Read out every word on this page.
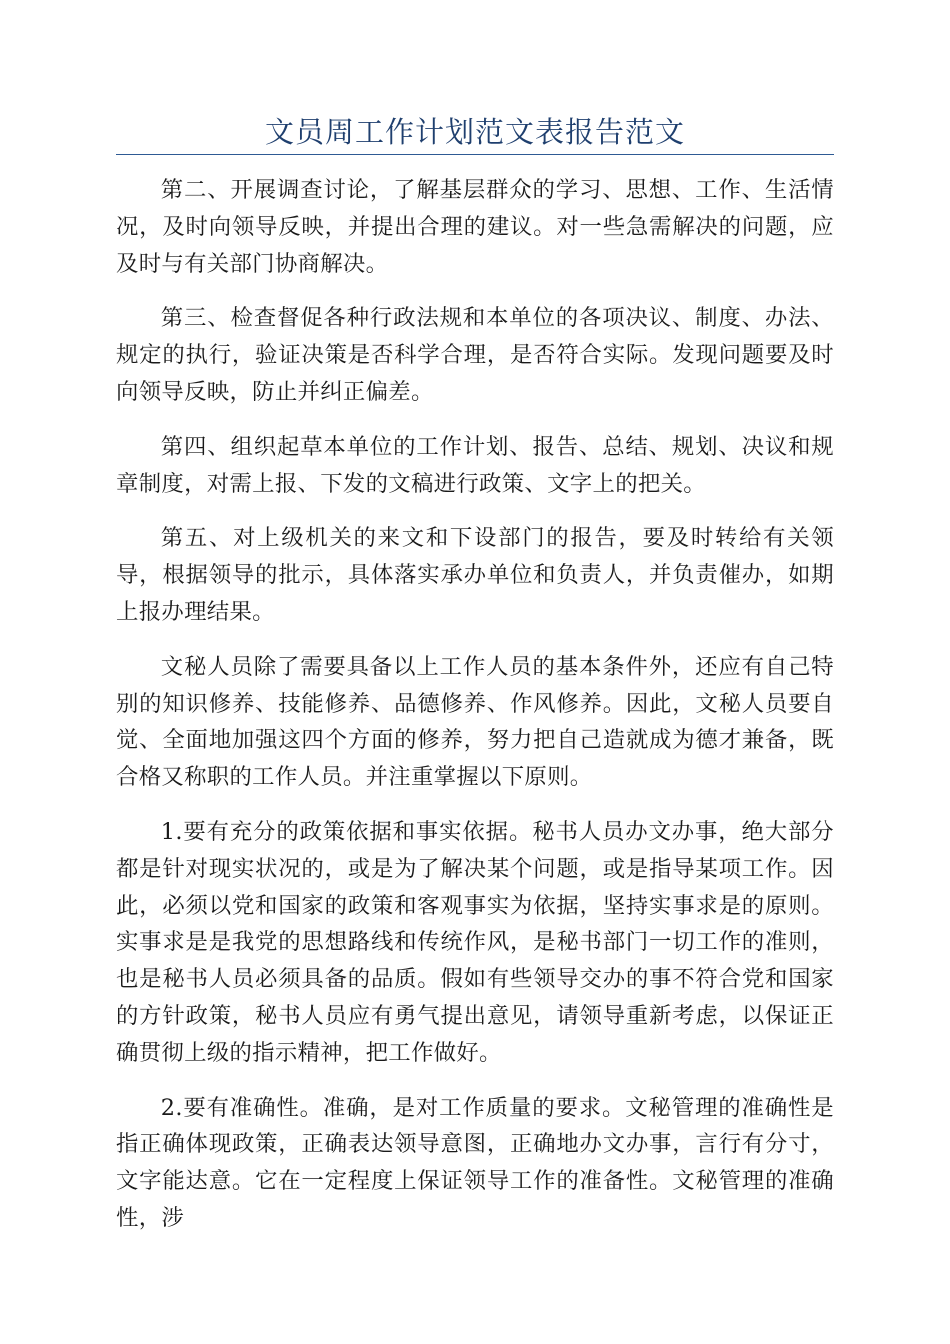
文员周工作计划范文表报告范文

第二、开展调查讨论，了解基层群众的学习、思想、工作、生活情况，及时向领导反映，并提出合理的建议。对一些急需解决的问题，应及时与有关部门协商解决。

第三、检查督促各种行政法规和本单位的各项决议、制度、办法、规定的执行，验证决策是否科学合理，是否符合实际。发现问题要及时向领导反映，防止并纠正偏差。

第四、组织起草本单位的工作计划、报告、总结、规划、决议和规章制度，对需上报、下发的文稿进行政策、文字上的把关。

第五、对上级机关的来文和下设部门的报告，要及时转给有关领导，根据领导的批示，具体落实承办单位和负责人，并负责催办，如期上报办理结果。

文秘人员除了需要具备以上工作人员的基本条件外，还应有自己特别的知识修养、技能修养、品德修养、作风修养。因此，文秘人员要自觉、全面地加强这四个方面的修养，努力把自己造就成为德才兼备，既合格又称职的工作人员。并注重掌握以下原则。

1.要有充分的政策依据和事实依据。秘书人员办文办事，绝大部分都是针对现实状况的，或是为了解决某个问题，或是指导某项工作。因此，必须以党和国家的政策和客观事实为依据，坚持实事求是的原则。实事求是是我党的思想路线和传统作风，是秘书部门一切工作的准则，也是秘书人员必须具备的品质。假如有些领导交办的事不符合党和国家的方针政策，秘书人员应有勇气提出意见，请领导重新考虑，以保证正确贯彻上级的指示精神，把工作做好。

2.要有准确性。准确，是对工作质量的要求。文秘管理的准确性是指正确体现政策，正确表达领导意图，正确地办文办事，言行有分寸，文字能达意。它在一定程度上保证领导工作的准备性。文秘管理的准确性，涉
